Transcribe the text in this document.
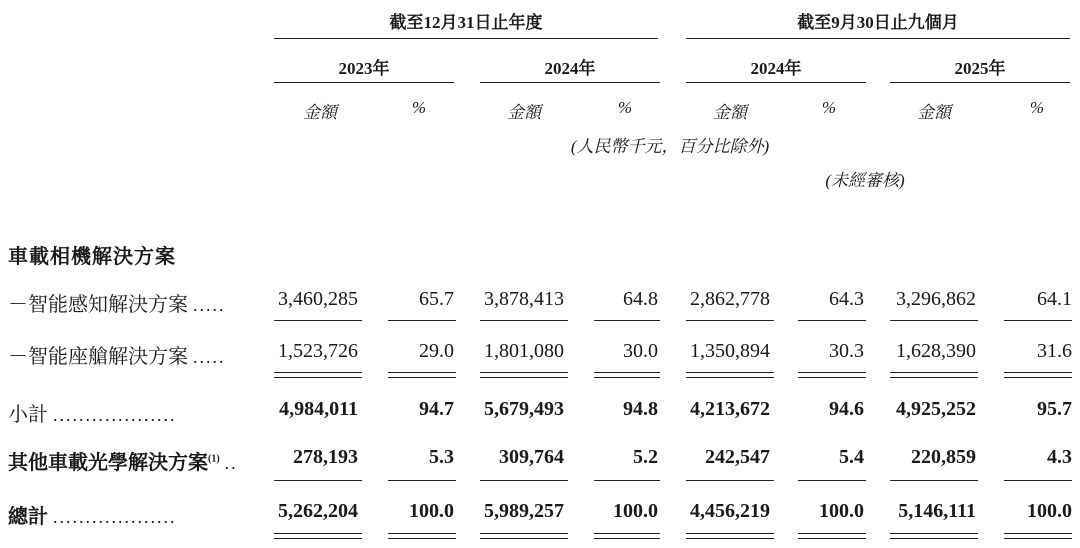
截至12月31日止年度	截至9月30日止九個月
2023年	2024年	2024年	2025年
金額	%	金額	%	金額	%	金額	%
(人民幣千元，百分比除外)
(未經審核)
車載相機解決方案
－智能感知解決方案 .....	3,460,285	65.7 3,878,413	64.8 2,862,778	64.3 3,296,862	64.1
－智能座艙解決方案 .....	1,523,726	29.0 1,801,080	30.0 1,350,894	30.3 1,628,390	31.6
小計 ...................	4,984,011	94.7 5,679,493	94.8 4,213,672	94.6 4,925,252	95.7
其他車載光學解決方案$^{(1)}$ ..	278,193	5.3 309,764	5.2 242,547	5.4 220,859	4.3
總計 ...................	5,262,204	100.0 5,989,257 100.0 4,456,219 100.0 5,146,111	100.0
